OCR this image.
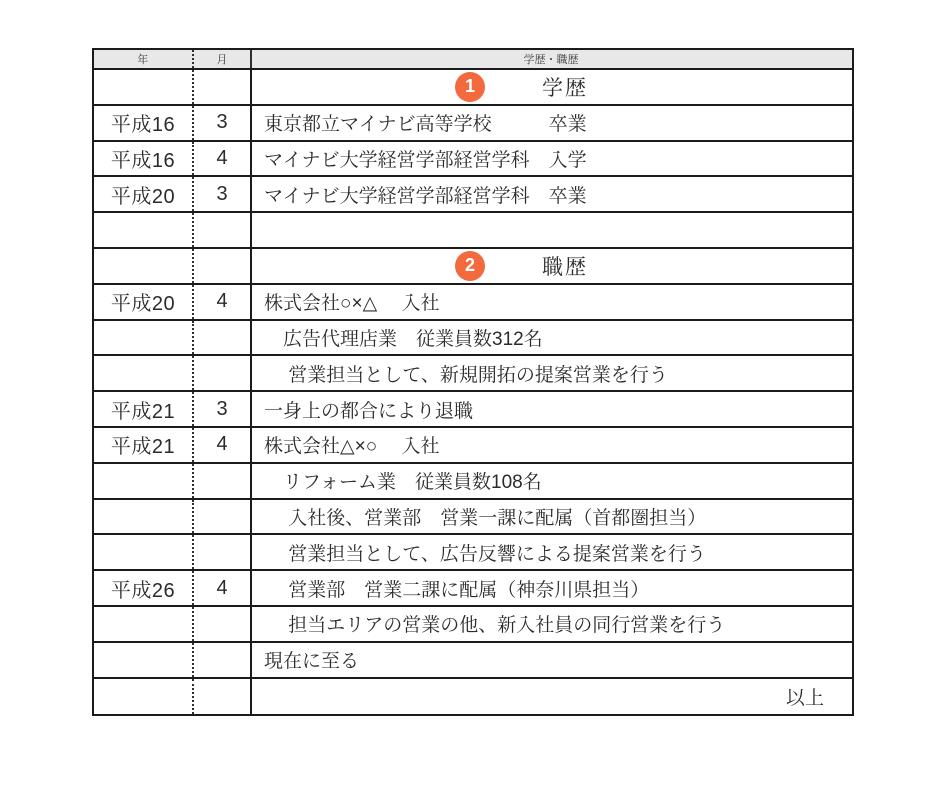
年	月	学歴・職歴
1	学歴
平成16	3	東京都立マイナビ高等学校　　　卒業
平成16	4	マイナビ大学経営学部経営学科　入学
平成20	3	マイナビ大学経営学部経営学科　卒業
2	職歴
平成20	4	株式会社○×△　 入社
　広告代理店業　従業員数312名
　 営業担当として、新規開拓の提案営業を行う
平成21	3	一身上の都合により退職
平成21	4	株式会社△×○　 入社
　リフォーム業　従業員数108名
　 入社後、営業部　営業一課に配属（首都圏担当）
　 営業担当として、広告反響による提案営業を行う
平成26	4	　 営業部　営業二課に配属（神奈川県担当）
　 担当エリアの営業の他、新入社員の同行営業を行う
現在に至る
以上
